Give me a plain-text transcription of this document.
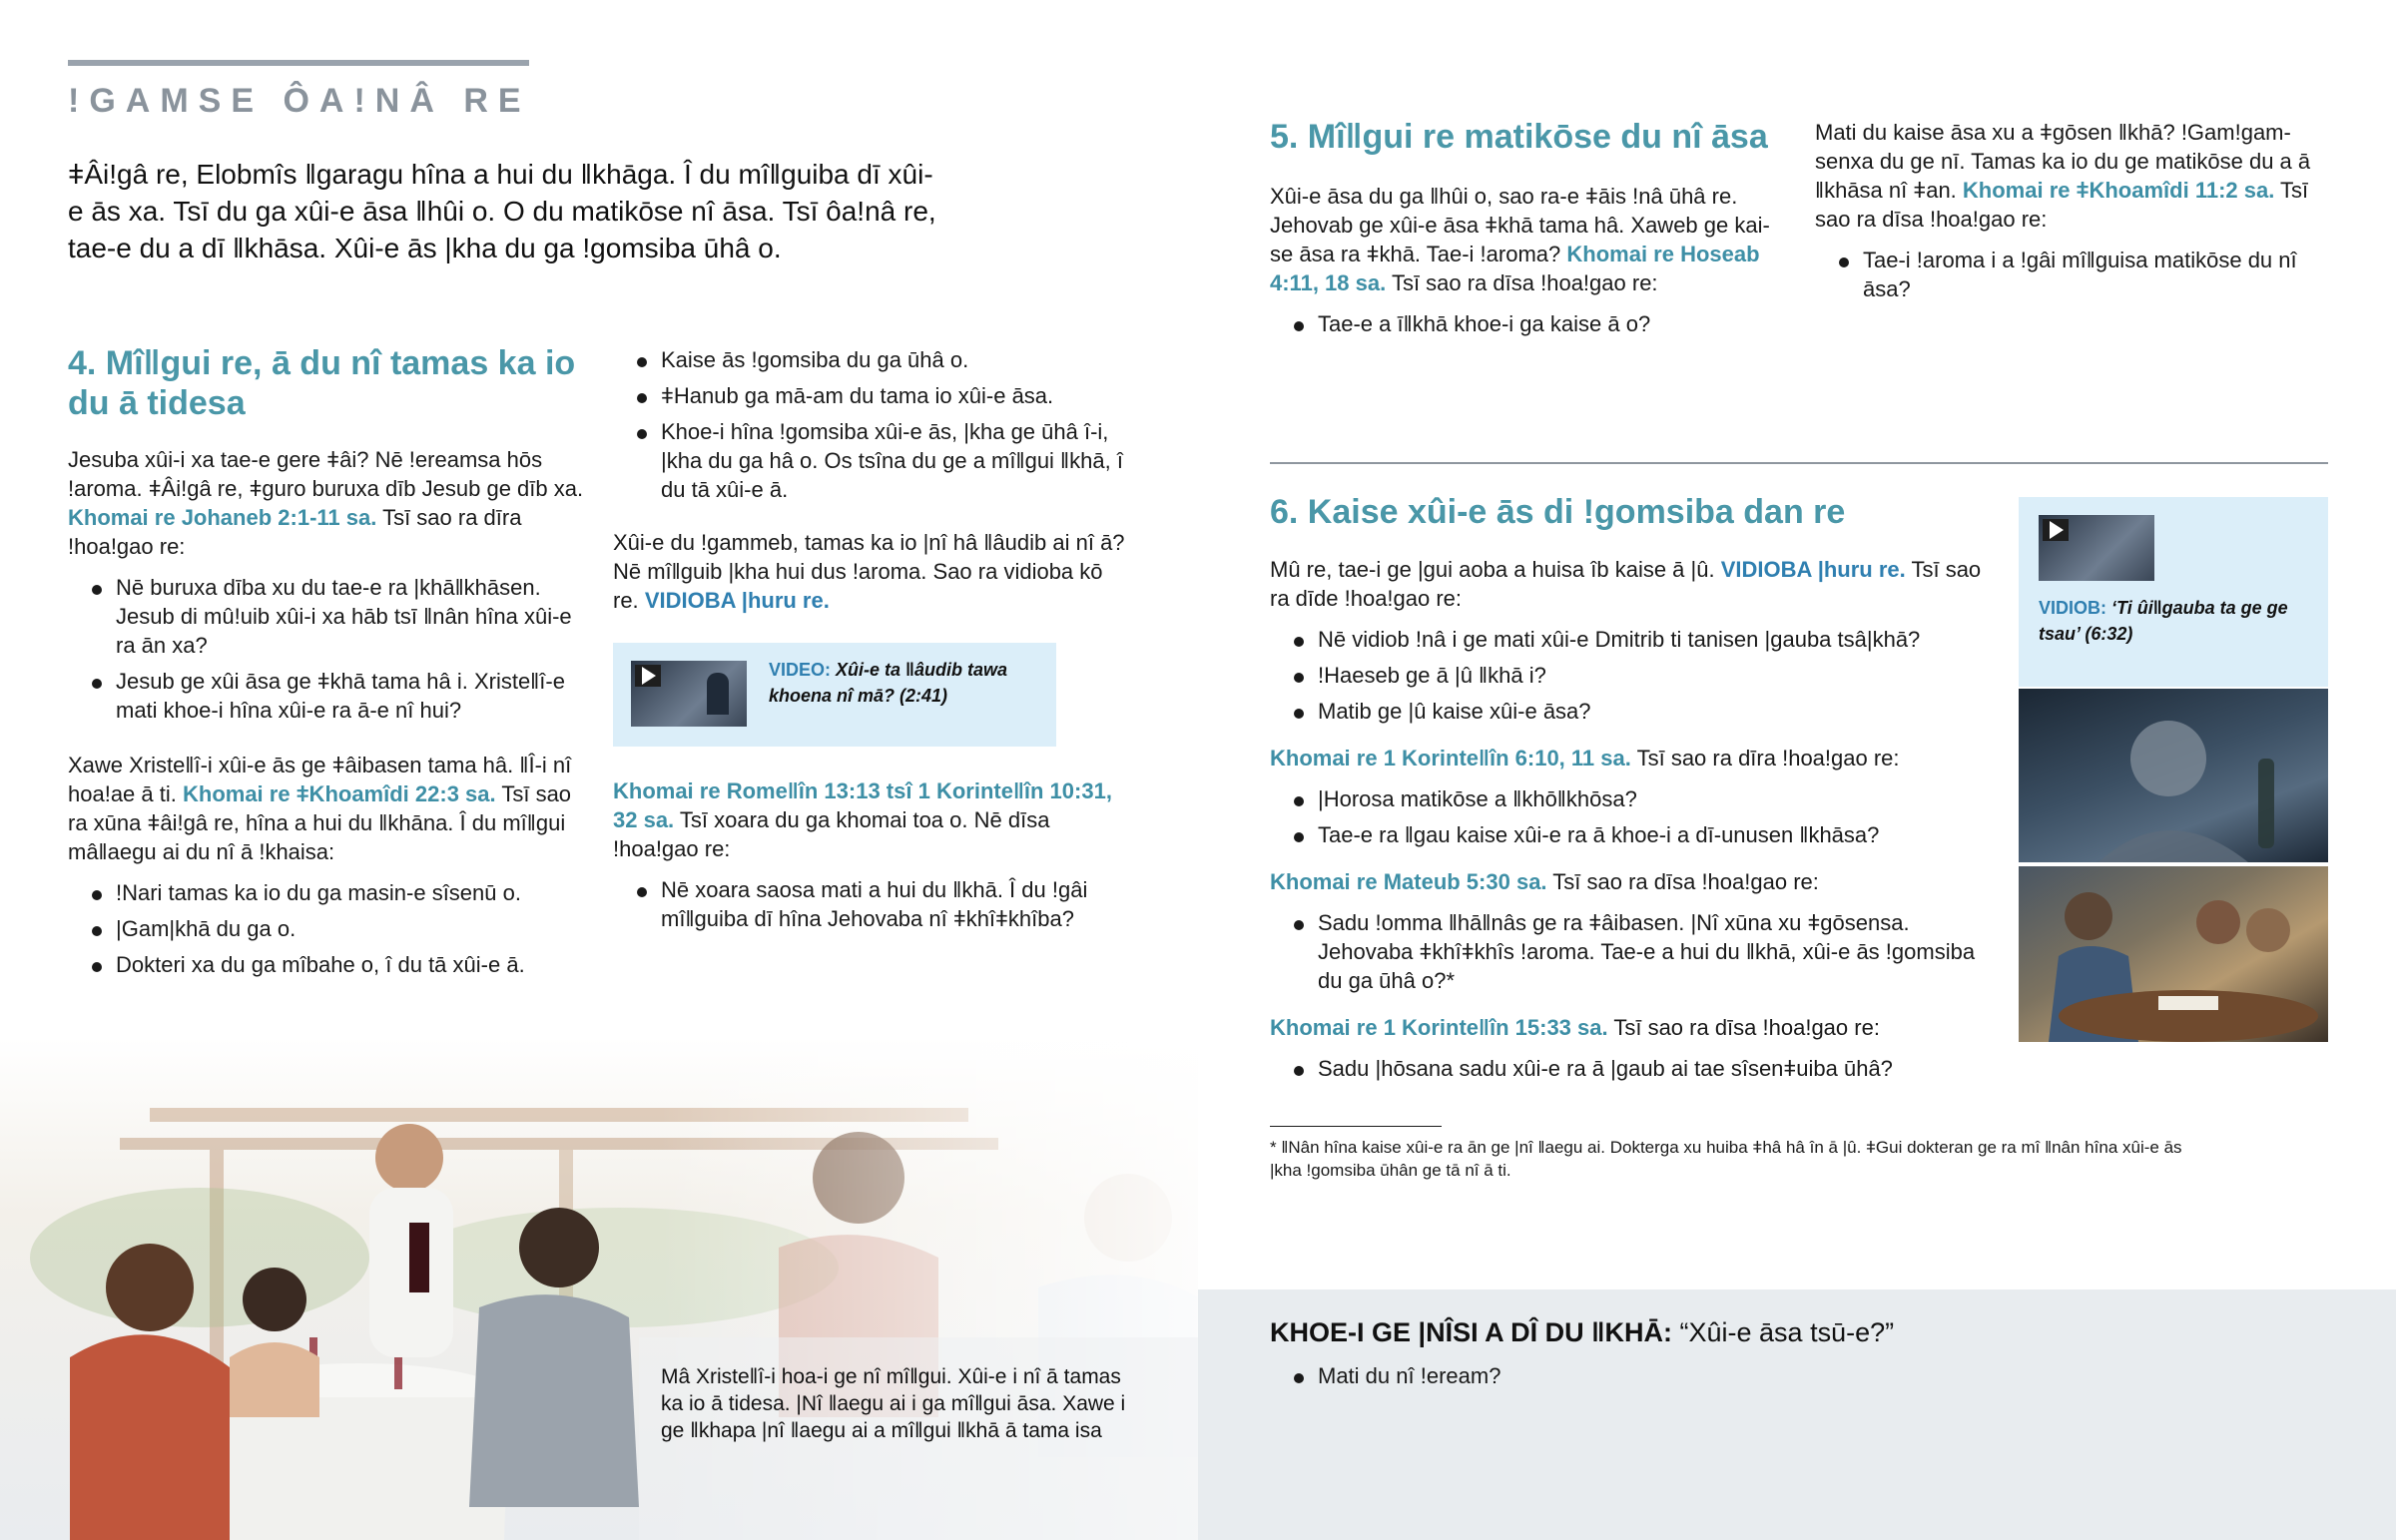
!GAMSE ÔA!NÂ RE

ǂÂi!gâ re, Elobmîs ǁgaragu hîna a hui du ǁkhāga. Î du mîǁguiba dī xûi-e ās xa. Tsī du ga xûi-e āsa ǁhûi o. O du matikōse nî āsa. Tsī ôa!nâ re, tae-e du a dī ǁkhāsa. Xûi-e ās |kha du ga !gomsiba ūhâ o.

4. Mîǁgui re, ā du nî tamas ka io du ā tidesa

Jesuba xûi-i xa tae-e gere ǂâi? Nē !ereamsa hōs !aroma. ǂÂi!gâ re, ǂguro buruxa dīb Jesub ge dīb xa. Khomai re Johaneb 2:1-11 sa. Tsī sao ra dīra !hoa!gao re:

Nē buruxa dība xu du tae-e ra |khāǁkhāsen. Jesub di mû!uib xûi-i xa hāb tsī ǁnân hîna xûi-e ra ān xa?
Jesub ge xûi āsa ge ǂkhā tama hâ i. Xristeǁî-e mati khoe-i hîna xûi-e ra ā-e nî hui?

Xawe Xristeǁî-i xûi-e ās ge ǂâibasen tama hâ. ǁÎ-i nî hoa!ae ā ti. Khomai re ǂKhoamîdi 22:3 sa. Tsī sao ra xūna ǂâi!gâ re, hîna a hui du ǁkhāna. Î du mîǁgui mâǁaegu ai du nî ā !khaisa:

!Nari tamas ka io du ga masin-e sîsenū o.
|Gam|khā du ga o.
Dokteri xa du ga mîbahe o, î du tā xûi-e ā.
Kaise ās !gomsiba du ga ūhâ o.
ǂHanub ga mā-am du tama io xûi-e āsa.
Khoe-i hîna !gomsiba xûi-e ās, |kha ge ūhâ î-i, |kha du ga hâ o. Os tsîna du ge a mîǁgui ǁkhā, î du tā xûi-e ā.

Xûi-e du !gammeb, tamas ka io |nî hâ ǁâudib ai nî ā? Nē mîǁguib |kha hui dus !aroma. Sao ra vidioba kō re. VIDIOBA |huru re.

VIDEO: Xûi-e ta ǁâudib tawa khoena nî mā? (2:41)

Khomai re Romeǁîn 13:13 tsî 1 Korinteǁîn 10:31, 32 sa. Tsī xoara du ga khomai toa o. Nē dīsa !hoa!gao re:

Nē xoara saosa mati a hui du ǁkhā. Î du !gâi mîǁguiba dī hîna Jehovaba nî ǂkhîǂkhîba?

Mâ Xristeǁî-i hoa-i ge nî mîǁgui. Xûi-e i nî ā tamas ka io ā tidesa. |Nî ǁaegu ai i ga mîǁgui āsa. Xawe i ge ǁkhapa |nî ǁaegu ai a mîǁgui ǁkhā ā tama isa

5. Mîǁgui re matikōse du nî āsa

Xûi-e āsa du ga ǁhûi o, sao ra-e ǂāis !nâ ūhâ re. Jehovab ge xûi-e āsa ǂkhā tama hâ. Xaweb ge kai-se āsa ra ǂkhā. Tae-i !aroma? Khomai re Hoseab 4:11, 18 sa. Tsī sao ra dīsa !hoa!gao re:

Tae-e a īǁkhā khoe-i ga kaise ā o?

Mati du kaise āsa xu a ǂgōsen ǁkhā? !Gam!gam-senxa du ge nī. Tamas ka io du ge matikōse du a ā ǁkhāsa nî ǂan. Khomai re ǂKhoamîdi 11:2 sa. Tsī sao ra dīsa !hoa!gao re:

Tae-i !aroma i a !gâi mîǁguisa matikōse du nî āsa?
6. Kaise xûi-e ās di !gomsiba dan re

Mû re, tae-i ge |gui aoba a huisa îb kaise ā |û. VIDIOBA |huru re. Tsī sao ra dīde !hoa!gao re:

Nē vidiob !nâ i ge mati xûi-e Dmitrib ti tanisen |gauba tsâ|khā?
!Haeseb ge ā |û ǁkhā i?
Matib ge |û kaise xûi-e āsa?

Khomai re 1 Korinteǁîn 6:10, 11 sa. Tsī sao ra dīra !hoa!gao re:

|Horosa matikōse a ǁkhōǁkhōsa?
Tae-e ra ǁgau kaise xûi-e ra ā khoe-i a dī-unusen ǁkhāsa?

Khomai re Mateub 5:30 sa. Tsī sao ra dīsa !hoa!gao re:

Sadu !omma ǁhāǁnâs ge ra ǂâibasen. |Nî xūna xu ǂgōsensa. Jehovaba ǂkhîǂkhîs !aroma. Tae-e a hui du ǁkhā, xûi-e ās !gomsiba du ga ūhâ o?*

Khomai re 1 Korinteǁîn 15:33 sa. Tsī sao ra dīsa !hoa!gao re:

Sadu |hōsana sadu xûi-e ra ā |gaub ai tae sîsenǂuiba ūhâ?

* ǁNân hîna kaise xûi-e ra ān ge |nî ǁaegu ai. Dokterga xu huiba ǂhâ hâ în ā |û. ǂGui dokteran ge ra mî ǁnân hîna xûi-e ās |kha !gomsiba ūhân ge tā nî ā ti.

VIDIOB: ‘Ti ûiǁgauba ta ge ge tsau’ (6:32)

KHOE-I GE |NÎSI A DÎ DU ǁKHĀ: “Xûi-e āsa tsū-e?”

Mati du nî !eream?
